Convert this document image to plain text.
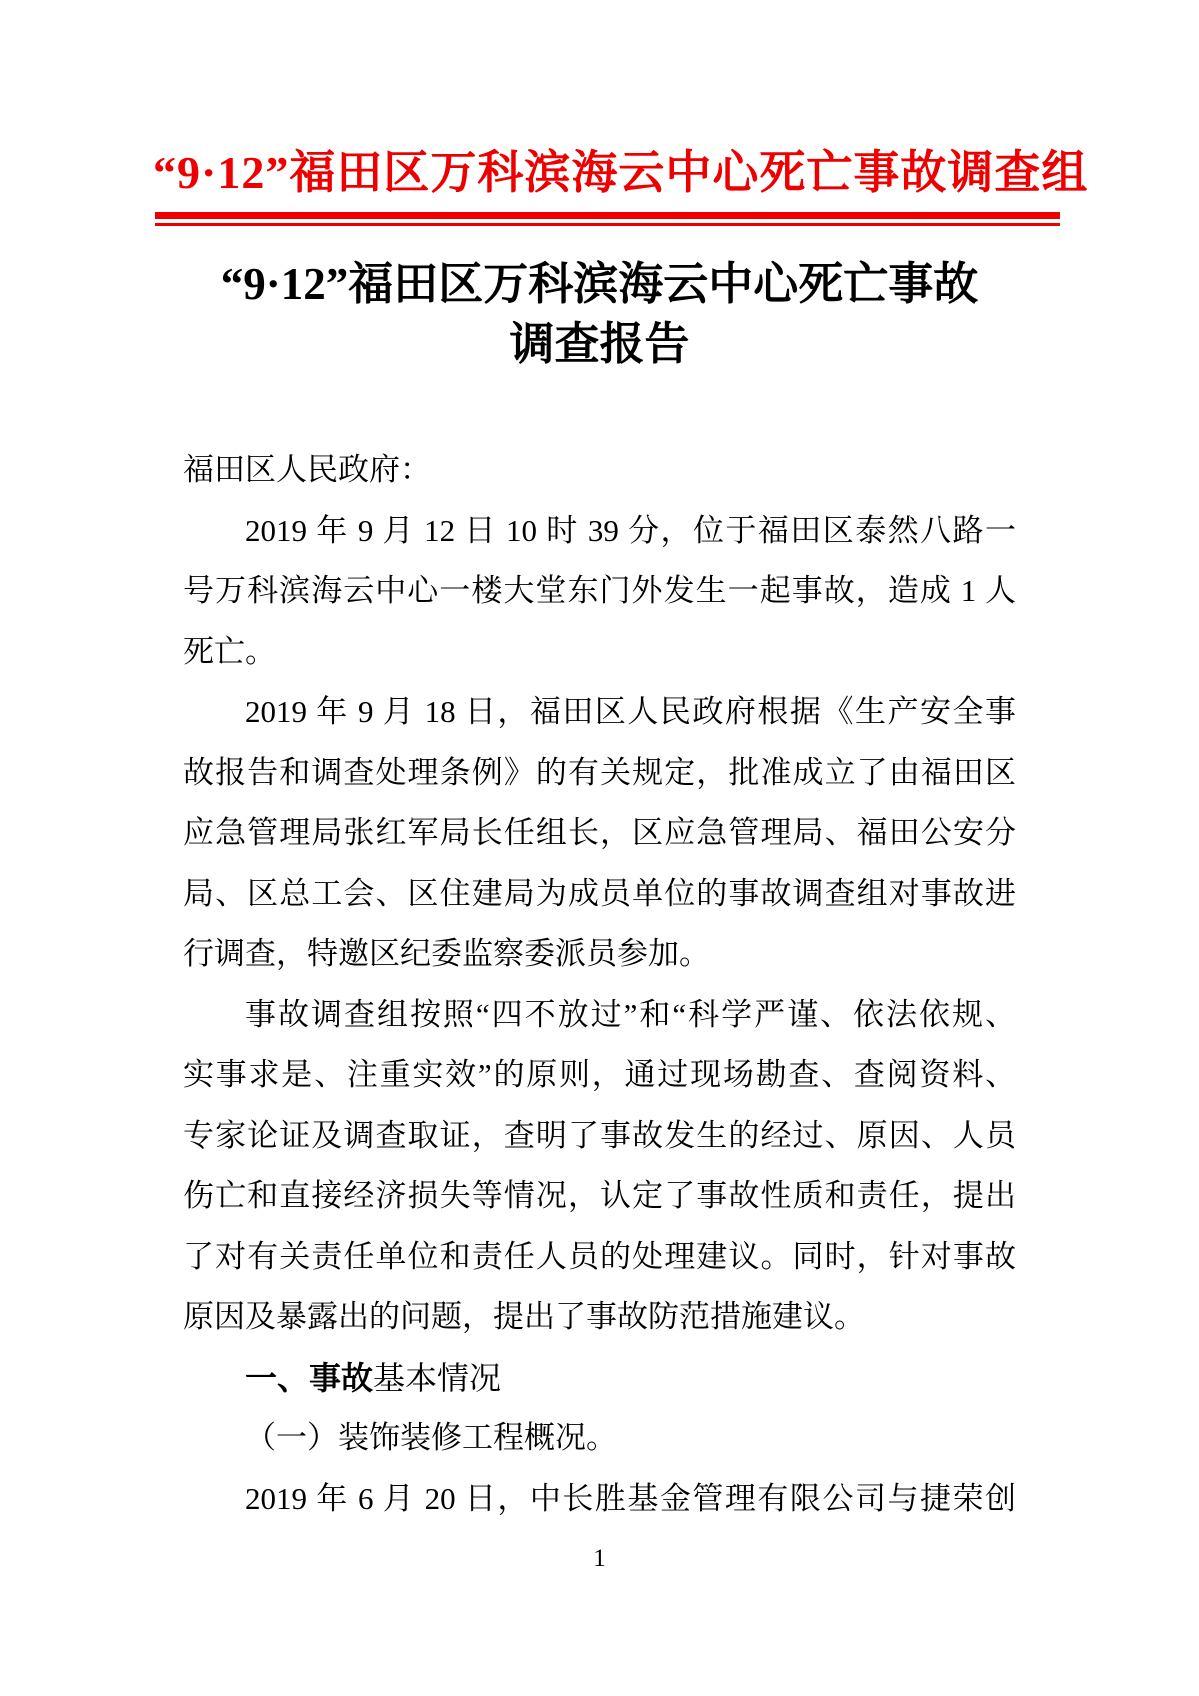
“9·12”福田区万科滨海云中心死亡事故调查组
“9·12”福田区万科滨海云中心死亡事故
调查报告
福田区人民政府：
2019 年 9 月 12 日 10 时 39 分，位于福田区泰然八路一
号万科滨海云中心一楼大堂东门外发生一起事故，造成 1 人
死亡。
2019 年 9 月 18 日，福田区人民政府根据《生产安全事
故报告和调查处理条例》的有关规定，批准成立了由福田区
应急管理局张红军局长任组长，区应急管理局、福田公安分
局、区总工会、区住建局为成员单位的事故调查组对事故进
行调查，特邀区纪委监察委派员参加。
事故调查组按照“四不放过”和“科学严谨、依法依规、
实事求是、注重实效”的原则，通过现场勘查、查阅资料、
专家论证及调查取证，查明了事故发生的经过、原因、人员
伤亡和直接经济损失等情况，认定了事故性质和责任，提出
了对有关责任单位和责任人员的处理建议。同时，针对事故
原因及暴露出的问题，提出了事故防范措施建议。
一、事故基本情况
（一）装饰装修工程概况。
2019 年 6 月 20 日，中长胜基金管理有限公司与捷荣创
1
